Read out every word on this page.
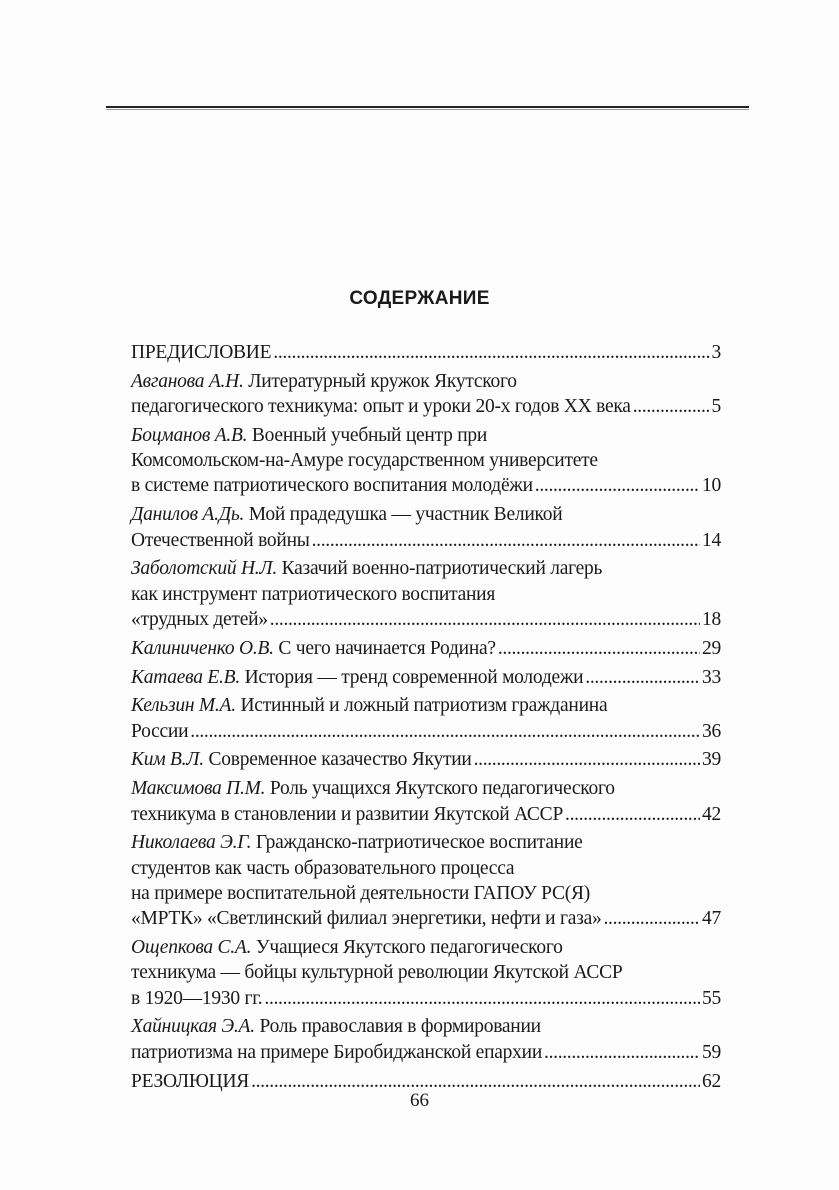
СОДЕРЖАНИЕ
ПРЕДИСЛОВИЕ . . .	3
Авганова А.Н. Литературный кружок Якутского
педагогического техникума: опыт и уроки 20-х годов XX века . . .	5
Боцманов А.В. Военный учебный центр при
Комсомольском-на-Амуре государственном университете
в системе патриотического воспитания молодёжи . . .	10
Данилов А.Дь. Мой прадедушка — участник Великой
Отечественной войны . . .	14
Заболотский Н.Л. Казачий военно-патриотический лагерь
как инструмент патриотического воспитания
«трудных детей» . . .	18
Калиниченко О.В. С чего начинается Родина? . . .	29
Катаева Е.В. История — тренд современной молодежи . . .	33
Кельзин М.А. Истинный и ложный патриотизм гражданина
России . . .	36
Ким В.Л. Современное казачество Якутии . . .	39
Максимова П.М. Роль учащихся Якутского педагогического
техникума в становлении и развитии Якутской АССР . . .	42
Николаева Э.Г. Гражданско-патриотическое воспитание
студентов как часть образовательного процесса
на примере воспитательной деятельности ГАПОУ РС(Я)
«МРТК» «Светлинский филиал энергетики, нефти и газа» . . .	47
Ощепкова С.А. Учащиеся Якутского педагогического
техникума — бойцы культурной революции Якутской АССР
в 1920—1930 гг. . . .	55
Хайницкая Э.А. Роль православия в формировании
патриотизма на примере Биробиджанской епархии . . .	59
РЕЗОЛЮЦИЯ . . .	62
66
